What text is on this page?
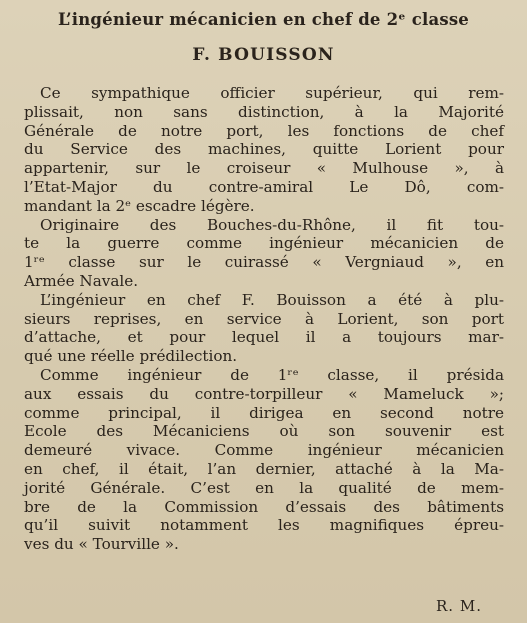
L’ingénieur mécanicien en chef de 2ᵉ classe
F. BOUISSON
Ce sympathique officier supérieur, qui rem-
plissait, non sans distinction, à la Majorité
Générale de notre port, les fonctions de chef
du Service des machines, quitte Lorient pour
appartenir, sur le croiseur « Mulhouse », à
l’Etat-Major du contre-amiral Le Dô, com-
mandant la 2ᵉ escadre légère.
Originaire des Bouches-du-Rhône, il fit tou-
te la guerre comme ingénieur mécanicien de
1ʳᵉ classe sur le cuirassé « Vergniaud », en
Armée Navale.
L’ingénieur en chef F. Bouisson a été à plu-
sieurs reprises, en service à Lorient, son port
d’attache, et pour lequel il a toujours mar-
qué une réelle prédilection.
Comme ingénieur de 1ʳᵉ classe, il présida
aux essais du contre-torpilleur « Mameluck »;
comme principal, il dirigea en second notre
Ecole des Mécaniciens où son souvenir est
demeuré vivace. Comme ingénieur mécanicien
en chef, il était, l’an dernier, attaché à la Ma-
jorité Générale. C’est en la qualité de mem-
bre de la Commission d’essais des bâtiments
qu’il suivit notamment les magnifiques épreu-
ves du « Tourville ».
R. M.
